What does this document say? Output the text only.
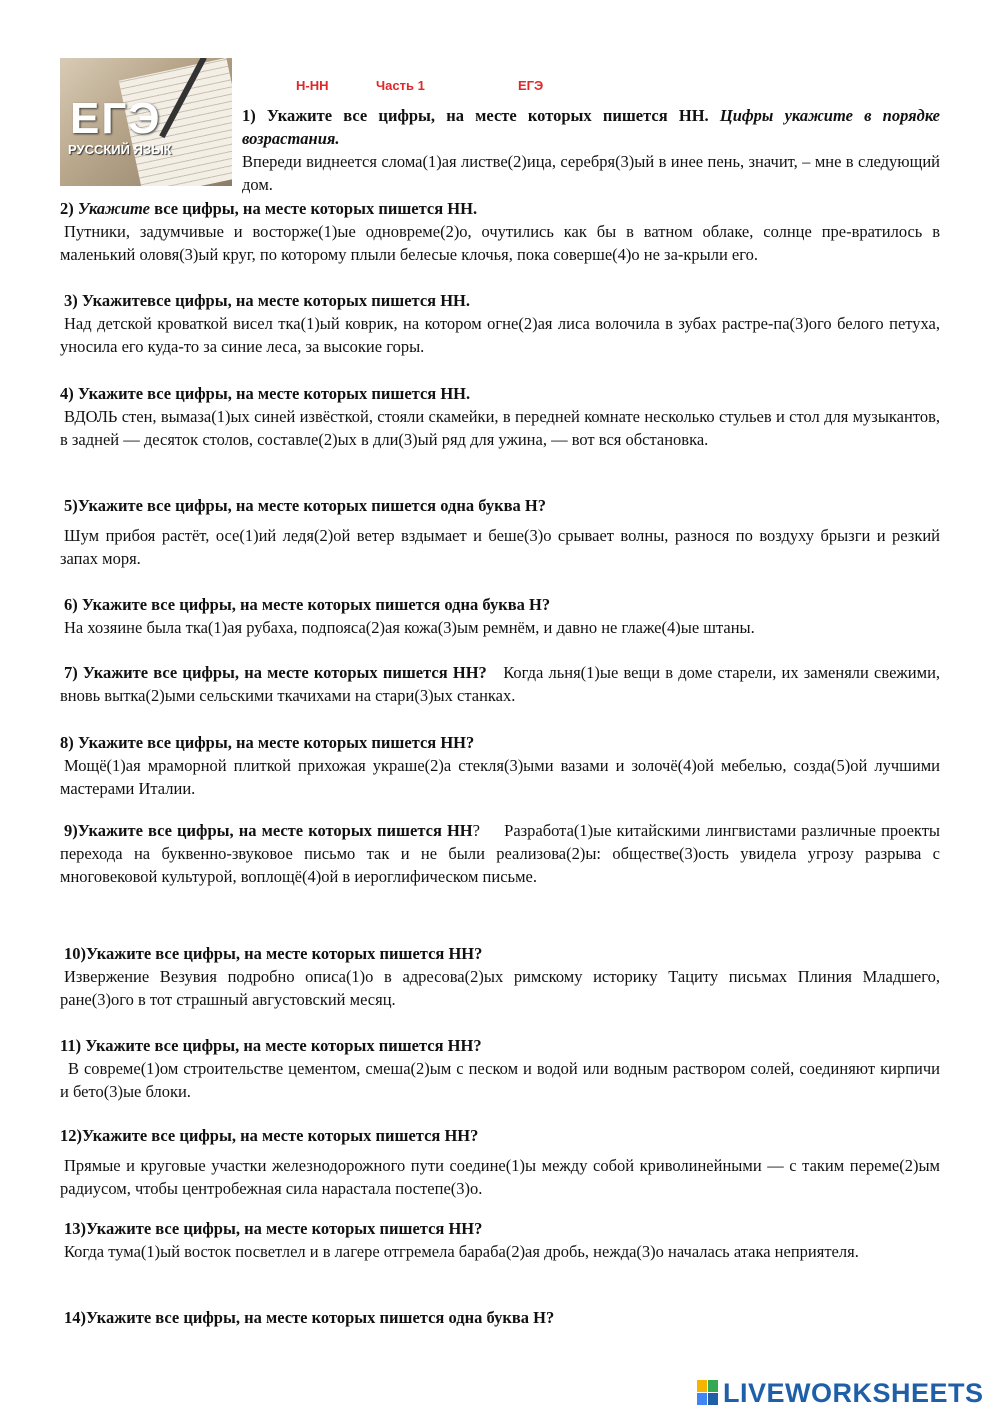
Н-НН	Часть 1	ЕГЭ
ЕГЭ
РУССКИЙ ЯЗЫК
1) Укажите все цифры, на месте которых пишется НН. Цифры укажите в порядке возрастания.
Впереди виднеется слома(1)ая листве(2)ица, серебря(3)ый в инее пень, значит, – мне в следующий дом.
2) Укажите все цифры, на месте которых пишется НН.
Путники, задумчивые и восторже(1)ые одновреме(2)о, очутились как бы в ватном облаке, солнце пре-вратилось в маленький оловя(3)ый круг, по которому плыли белесые клочья, пока соверше(4)о не за-крыли его.
3) Укажитевсе цифры, на месте которых пишется НН.
Над детской кроваткой висел тка(1)ый коврик, на котором огне(2)ая лиса волочила в зубах растре-па(3)ого белого петуха, уносила его куда-то за синие леса, за высокие горы.
4) Укажите все цифры, на месте которых пишется НН.
ВДОЛЬ стен, вымаза(1)ых синей извёсткой, стояли скамейки, в передней комнате несколько стульев и стол для музыкантов, в задней — десяток столов, составле(2)ых в дли(3)ый ряд для ужина, — вот вся обстановка.
5)Укажите все цифры, на месте которых пишется одна буква Н?
Шум прибоя растёт, осе(1)ий ледя(2)ой ветер вздымает и беше(3)о срывает волны, разнося по воздуху брызги и резкий запах моря.
6) Укажите все цифры, на месте которых пишется одна буква Н?
На хозяине была тка(1)ая рубаха, подпояса(2)ая кожа(3)ым ремнём, и давно не глаже(4)ые штаны.
7) Укажите все цифры, на месте которых пишется НН? Когда льня(1)ые вещи в доме старели, их заменяли свежими, вновь вытка(2)ыми сельскими ткачихами на стари(3)ых станках.
8) Укажите все цифры, на месте которых пишется НН?
Мощё(1)ая мраморной плиткой прихожая украше(2)а стекля(3)ыми вазами и золочё(4)ой мебелью, созда(5)ой лучшими мастерами Италии.
9)Укажите все цифры, на месте которых пишется НН? Разработа(1)ые китайскими лингвистами различные проекты перехода на буквенно-звуковое письмо так и не были реализова(2)ы: обществе(3)ость увидела угрозу разрыва с многовековой культурой, воплощё(4)ой в иероглифическом письме.
10)Укажите все цифры, на месте которых пишется НН?
Извержение Везувия подробно описа(1)о в адресова(2)ых римскому историку Тациту письмах Плиния Младшего, ране(3)ого в тот страшный августовский месяц.
11) Укажите все цифры, на месте которых пишется НН?
В совреме(1)ом строительстве цементом, смеша(2)ым с песком и водой или водным раствором солей, соединяют кирпичи и бето(3)ые блоки.
12)Укажите все цифры, на месте которых пишется НН?
Прямые и круговые участки железнодорожного пути соедине(1)ы между собой криволинейными — с таким переме(2)ым радиусом, чтобы центробежная сила нарастала постепе(3)о.
13)Укажите все цифры, на месте которых пишется НН?
Когда тума(1)ый восток посветлел и в лагере отгремела бараба(2)ая дробь, нежда(3)о началась атака неприятеля.
14)Укажите все цифры, на месте которых пишется одна буква Н?
LIVEWORKSHEETS
